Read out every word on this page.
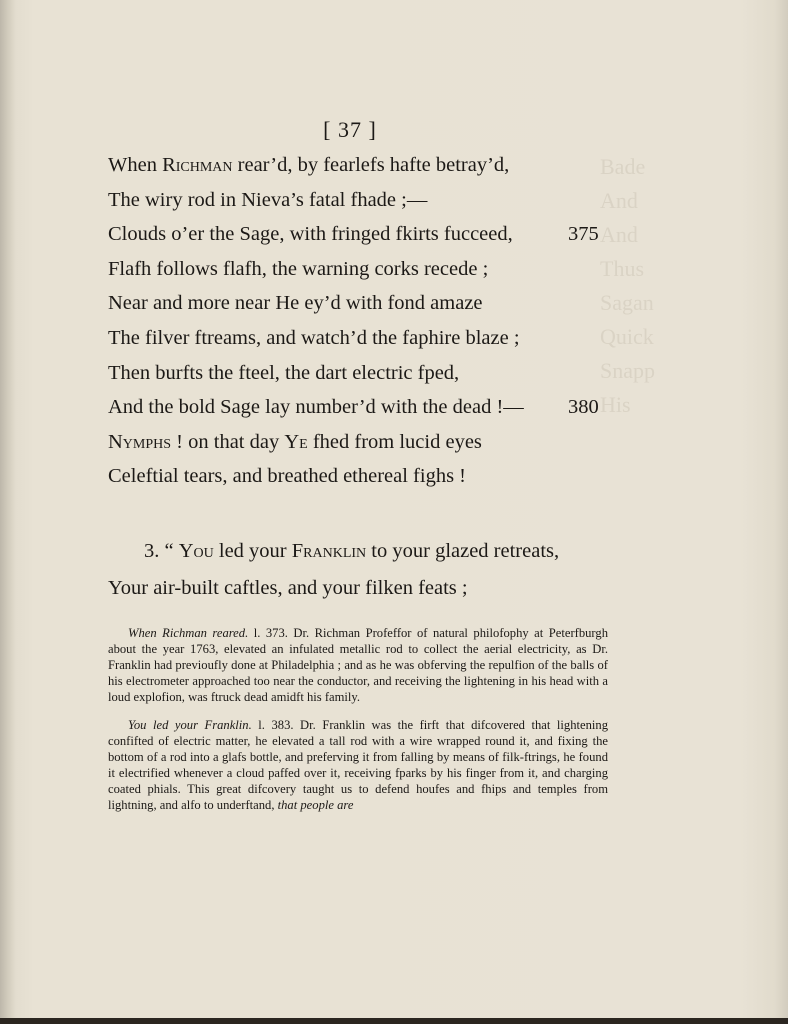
Bade
And
And
Thus
Sagan
Quick
Snapp
His
[ 37 ]
When Richman rear’d, by fearlefs hafte betray’d,
The wiry rod in Nieva’s fatal fhade ;—
Clouds o’er the Sage, with fringed fkirts fucceed,	375
Flafh follows flafh, the warning corks recede ;
Near and more near He ey’d with fond amaze
The filver ftreams, and watch’d the faphire blaze ;
Then burfts the fteel, the dart electric fped,
And the bold Sage lay number’d with the dead !— 380
Nymphs ! on that day Ye fhed from lucid eyes
Celeftial tears, and breathed ethereal fighs !
3. “ You led your Franklin to your glazed retreats,
Your air-built caftles, and your filken feats ;

When Richman reared. l. 373. Dr. Richman Profeffor of natural philofophy at Peterfburgh about the year 1763, elevated an infulated metallic rod to collect the aerial electricity, as Dr. Franklin had previoufly done at Philadelphia ; and as he was obferving the repulfion of the balls of his electrometer approached too near the conductor, and receiving the lightening in his head with a loud explofion, was ftruck dead amidft his family.

You led your Franklin. l. 383. Dr. Franklin was the firft that difcovered that lightening confifted of electric matter, he elevated a tall rod with a wire wrapped round it, and fixing the bottom of a rod into a glafs bottle, and preferving it from falling by means of filk-ftrings, he found it electrified whenever a cloud paffed over it, receiving fparks by his finger from it, and charging coated phials. This great difcovery taught us to defend houfes and fhips and temples from lightning, and alfo to underftand, that people are
